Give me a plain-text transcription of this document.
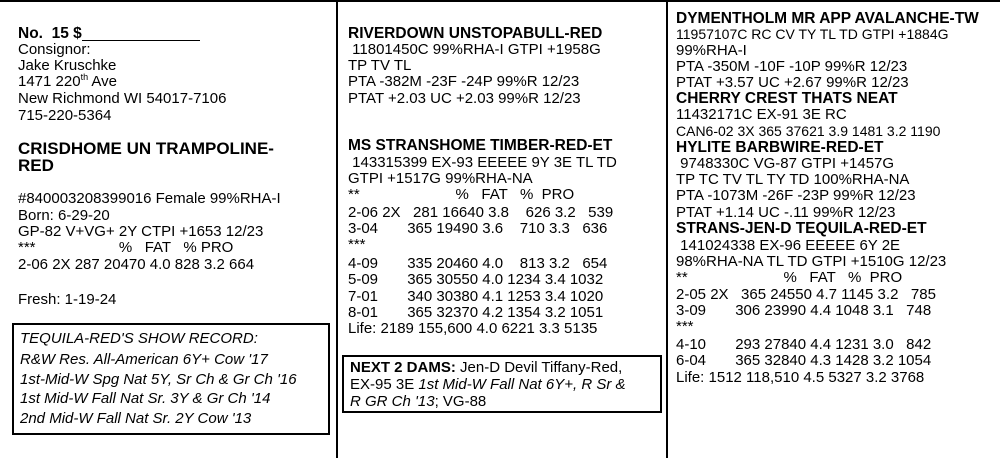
No.  15 $
Consignor:
Jake Kruschke
1471 220th Ave
New Richmond WI 54017-7106
715-220-5364
CRISDHOME UN TRAMPOLINE-
RED
#840003208399016 Female 99%RHA-I
Born: 6-29-20
GP-82 V+VG+ 2Y CTPI +1653 12/23
***                    %   FAT   % PRO
2-06 2X 287 20470 4.0 828 3.2 664
Fresh: 1-19-24
TEQUILA-RED'S SHOW RECORD:
R&W Res. All-American 6Y+ Cow '17
1st-Mid-W Spg Nat 5Y, Sr Ch & Gr Ch '16
1st Mid-W Fall Nat Sr. 3Y & Gr Ch '14
2nd Mid-W Fall Nat Sr. 2Y Cow '13
RIVERDOWN UNSTOPABULL-RED
11801450C 99%RHA-I GTPI +1958G
TP TV TL
PTA -382M -23F -24P 99%R 12/23
PTAT +2.03 UC +2.03 99%R 12/23
MS STRANSHOME TIMBER-RED-ET
143315399 EX-93 EEEEE 9Y 3E TL TD
GTPI +1517G 99%RHA-NA
**                       %   FAT   %  PRO
2-06 2X   281 16640 3.8    626 3.2   539
3-04       365 19490 3.6    710 3.3   636
***
4-09       335 20460 4.0    813 3.2   654
5-09       365 30550 4.0 1234 3.4 1032
7-01       340 30380 4.1 1253 3.4 1020
8-01       365 32370 4.2 1354 3.2 1051
Life: 2189 155,600 4.0 6221 3.3 5135
NEXT 2 DAMS: Jen-D Devil Tiffany-Red,
EX-95 3E 1st Mid-W Fall Nat 6Y+, R Sr &
R GR Ch '13; VG-88
DYMENTHOLM MR APP AVALANCHE-TW
11957107C RC CV TY TL TD GTPI +1884G
99%RHA-I
PTA -350M -10F -10P 99%R 12/23
PTAT +3.57 UC +2.67 99%R 12/23
CHERRY CREST THATS NEAT
11432171C EX-91 3E RC
CAN6-02 3X 365 37621 3.9 1481 3.2 1190
HYLITE BARBWIRE-RED-ET
9748330C VG-87 GTPI +1457G
TP TC TV TL TY TD 100%RHA-NA
PTA -1073M -26F -23P 99%R 12/23
PTAT +1.14 UC -.11 99%R 12/23
STRANS-JEN-D TEQUILA-RED-ET
141024338 EX-96 EEEEE 6Y 2E
98%RHA-NA TL TD GTPI +1510G 12/23
**                       %   FAT   %  PRO
2-05 2X   365 24550 4.7 1145 3.2   785
3-09       306 23990 4.4 1048 3.1   748
***
4-10       293 27840 4.4 1231 3.0   842
6-04       365 32840 4.3 1428 3.2 1054
Life: 1512 118,510 4.5 5327 3.2 3768
